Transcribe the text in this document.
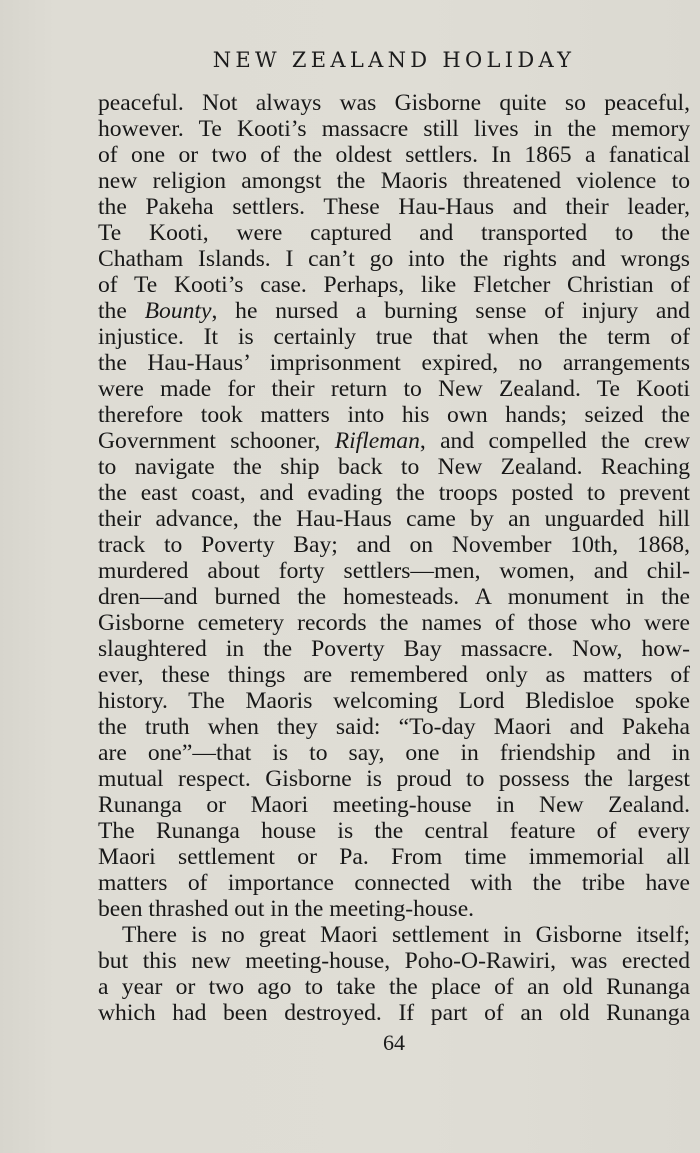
NEW ZEALAND HOLIDAY
peaceful. Not always was Gisborne quite so peaceful,
however. Te Kooti’s massacre still lives in the memory
of one or two of the oldest settlers. In 1865 a fanatical
new religion amongst the Maoris threatened violence to
the Pakeha settlers. These Hau-Haus and their leader,
Te Kooti, were captured and transported to the
Chatham Islands. I can’t go into the rights and wrongs
of Te Kooti’s case. Perhaps, like Fletcher Christian of
the Bounty, he nursed a burning sense of injury and
injustice. It is certainly true that when the term of
the Hau-Haus’ imprisonment expired, no arrangements
were made for their return to New Zealand. Te Kooti
therefore took matters into his own hands; seized the
Government schooner, Rifleman, and compelled the crew
to navigate the ship back to New Zealand. Reaching
the east coast, and evading the troops posted to prevent
their advance, the Hau-Haus came by an unguarded hill
track to Poverty Bay; and on November 10th, 1868,
murdered about forty settlers—men, women, and chil-
dren—and burned the homesteads. A monument in the
Gisborne cemetery records the names of those who were
slaughtered in the Poverty Bay massacre. Now, how-
ever, these things are remembered only as matters of
history. The Maoris welcoming Lord Bledisloe spoke
the truth when they said: “To-day Maori and Pakeha
are one”—that is to say, one in friendship and in
mutual respect. Gisborne is proud to possess the largest
Runanga or Maori meeting-house in New Zealand.
The Runanga house is the central feature of every
Maori settlement or Pa. From time immemorial all
matters of importance connected with the tribe have
been thrashed out in the meeting-house.
There is no great Maori settlement in Gisborne itself;
but this new meeting-house, Poho-O-Rawiri, was erected
a year or two ago to take the place of an old Runanga
which had been destroyed. If part of an old Runanga
64
